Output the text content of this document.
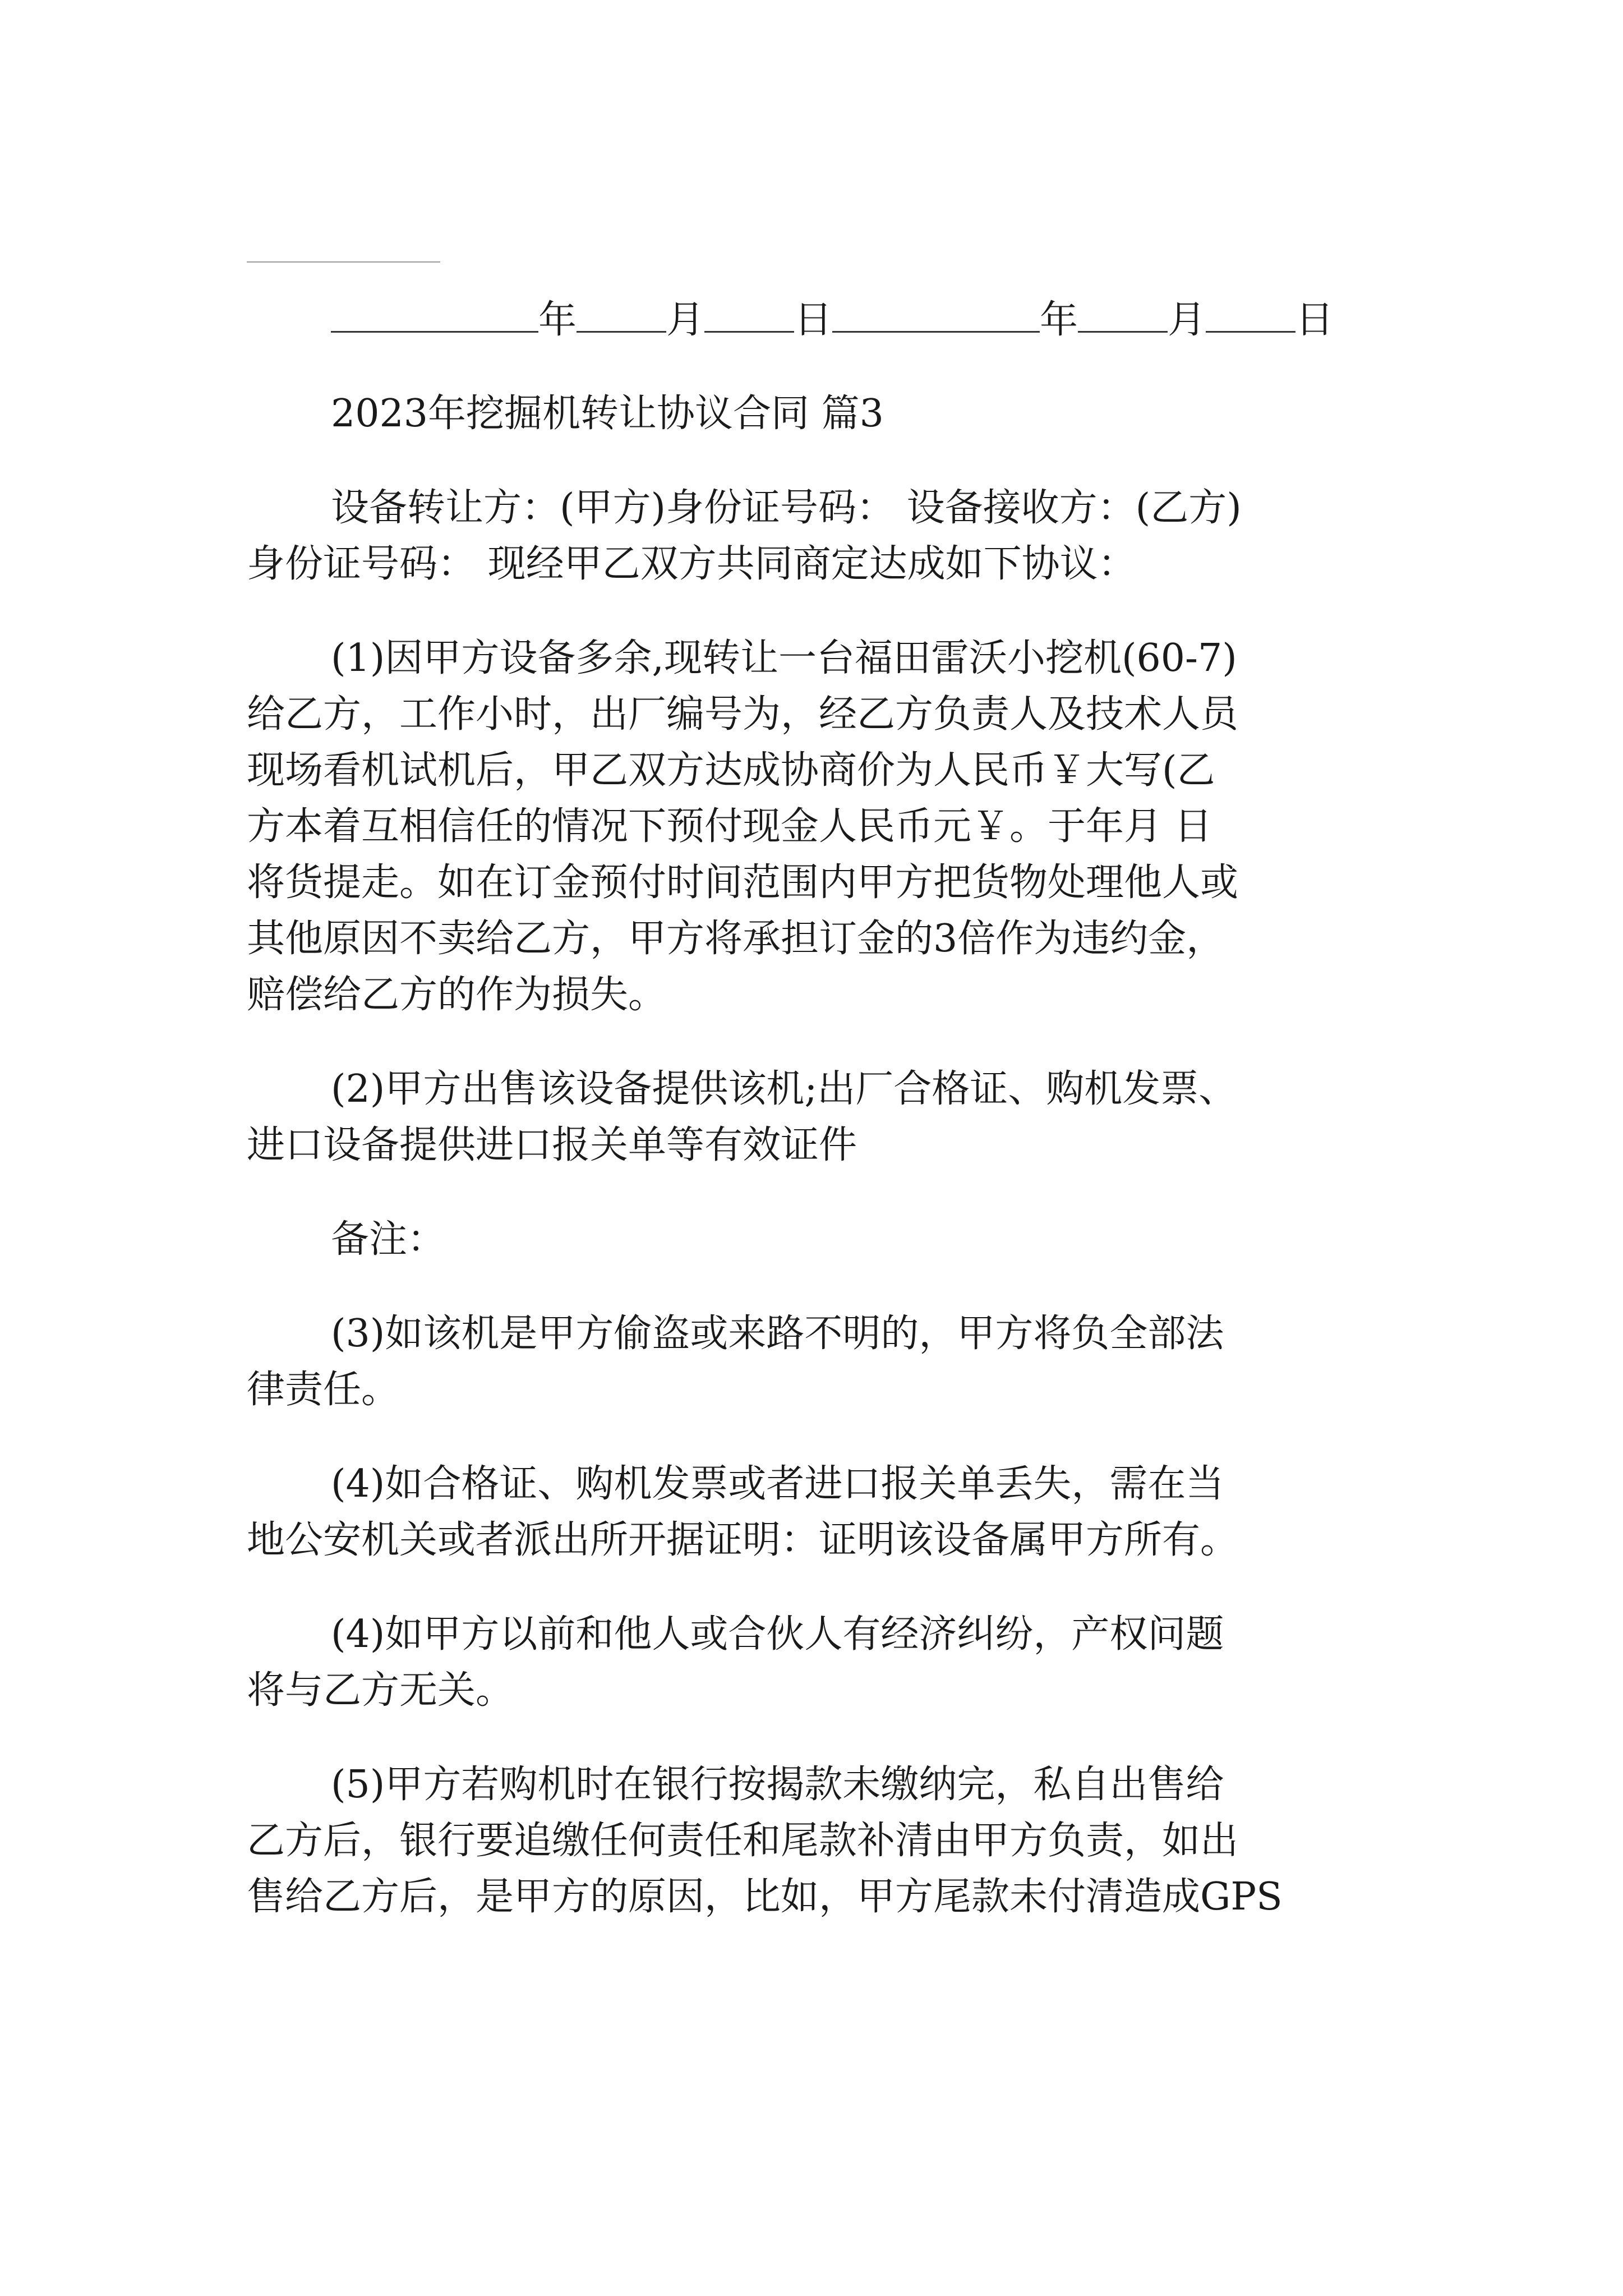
年 月 日	年 月 日
2023年挖掘机转让协议合同 篇3
设备转让方：(甲方)身份证号码： 设备接收方：(乙方)
身份证号码： 现经甲乙双方共同商定达成如下协议：
(1)因甲方设备多余,现转让一台福田雷沃小挖机(60-7)
给乙方，工作小时，出厂编号为，经乙方负责人及技术人员
现场看机试机后，甲乙双方达成协商价为人民币￥大写(乙
方本着互相信任的情况下预付现金人民币元￥。于年月 日
将货提走。如在订金预付时间范围内甲方把货物处理他人或
其他原因不卖给乙方，甲方将承担订金的3倍作为违约金，
赔偿给乙方的作为损失。
(2)甲方出售该设备提供该机;出厂合格证、购机发票、
进口设备提供进口报关单等有效证件
备注：
(3)如该机是甲方偷盗或来路不明的，甲方将负全部法
律责任。
(4)如合格证、购机发票或者进口报关单丢失，需在当
地公安机关或者派出所开据证明：证明该设备属甲方所有。
(4)如甲方以前和他人或合伙人有经济纠纷，产权问题
将与乙方无关。
(5)甲方若购机时在银行按揭款未缴纳完，私自出售给
乙方后，银行要追缴任何责任和尾款补清由甲方负责，如出
售给乙方后，是甲方的原因，比如，甲方尾款未付清造成GPS
